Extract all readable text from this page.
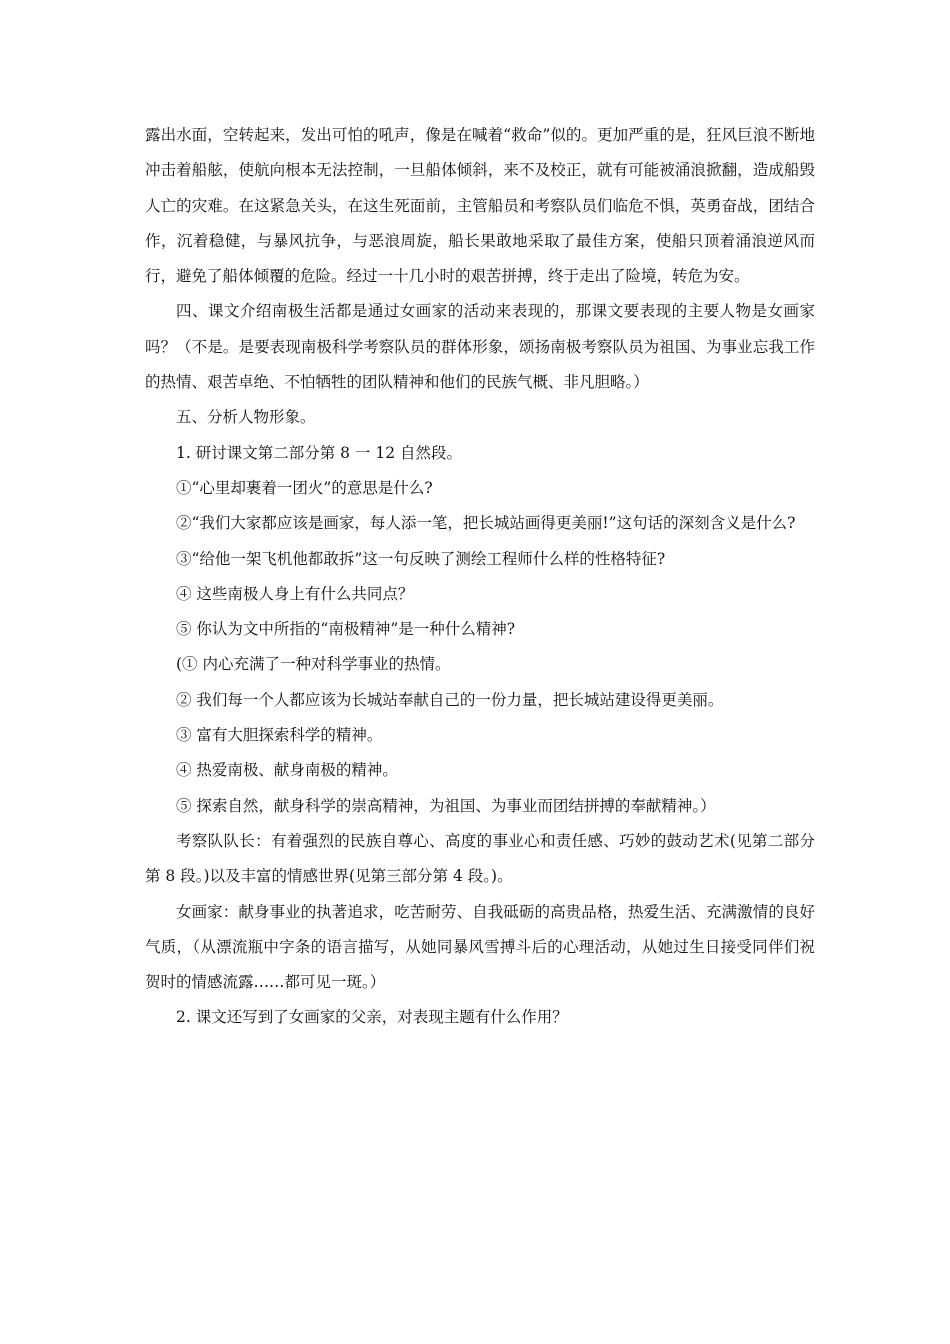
露出水面，空转起来，发出可怕的吼声，像是在喊着“救命”似的。更加严重的是，狂风巨浪不断地冲击着船舷，使航向根本无法控制，一旦船体倾斜，来不及校正，就有可能被涌浪掀翻，造成船毁人亡的灾难。在这紧急关头，在这生死面前，主管船员和考察队员们临危不惧，英勇奋战，团结合作，沉着稳健，与暴风抗争，与恶浪周旋，船长果敢地采取了最佳方案，使船只顶着涌浪逆风而行，避免了船体倾覆的危险。经过一十几小时的艰苦拼搏，终于走出了险境，转危为安。

四、课文介绍南极生活都是通过女画家的活动来表现的，那课文要表现的主要人物是女画家吗？（不是。是要表现南极科学考察队员的群体形象，颂扬南极考察队员为祖国、为事业忘我工作的热情、艰苦卓绝、不怕牺牲的团队精神和他们的民族气概、非凡胆略。）

五、分析人物形象。

1. 研讨课文第二部分第 8 一 12 自然段。

①“心里却裹着一团火”的意思是什么?

②“我们大家都应该是画家，每人添一笔，把长城站画得更美丽!”这句话的深刻含义是什么?

③“给他一架飞机他都敢拆”这一句反映了测绘工程师什么样的性格特征?

④ 这些南极人身上有什么共同点？

⑤ 你认为文中所指的“南极精神”是一种什么精神?

(① 内心充满了一种对科学事业的热情。

② 我们每一个人都应该为长城站奉献自己的一份力量，把长城站建设得更美丽。

③ 富有大胆探索科学的精神。

④ 热爱南极、献身南极的精神。

⑤ 探索自然，献身科学的崇高精神，为祖国、为事业而团结拼搏的奉献精神。）

考察队队长：有着强烈的民族自尊心、高度的事业心和责任感、巧妙的鼓动艺术(见第二部分第 8 段。)以及丰富的情感世界(见第三部分第 4 段。)。

女画家：献身事业的执著追求，吃苦耐劳、自我砥砺的高贵品格，热爱生活、充满激情的良好气质，（从漂流瓶中字条的语言描写，从她同暴风雪搏斗后的心理活动，从她过生日接受同伴们祝贺时的情感流露……都可见一斑。）

2. 课文还写到了女画家的父亲，对表现主题有什么作用？
